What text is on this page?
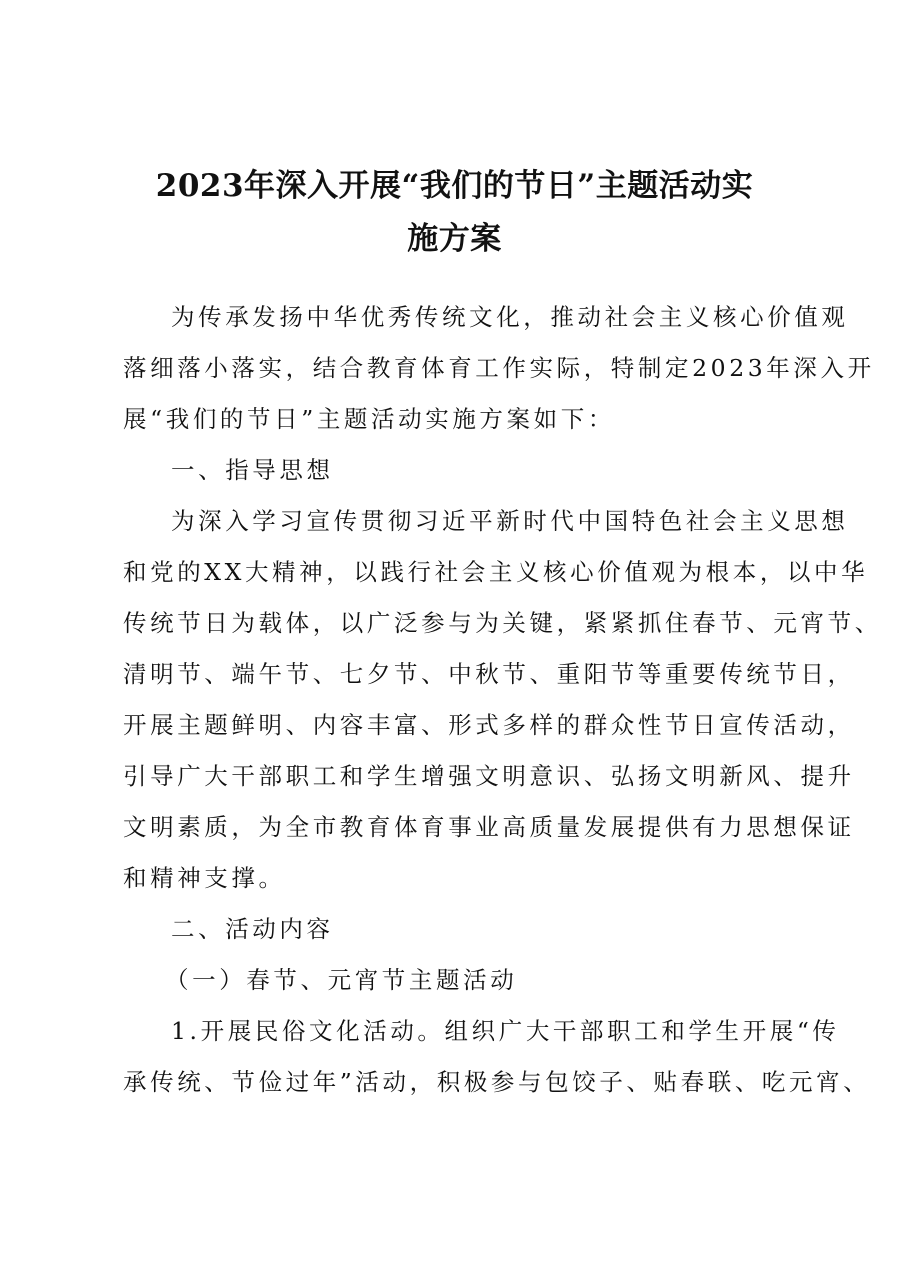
2023年深入开展“我们的节日”主题活动实
施方案
为传承发扬中华优秀传统文化，推动社会主义核心价值观
落细落小落实，结合教育体育工作实际，特制定2023年深入开
展“我们的节日”主题活动实施方案如下：
一、指导思想
为深入学习宣传贯彻习近平新时代中国特色社会主义思想
和党的XX大精神，以践行社会主义核心价值观为根本，以中华
传统节日为载体，以广泛参与为关键，紧紧抓住春节、元宵节、
清明节、端午节、七夕节、中秋节、重阳节等重要传统节日，
开展主题鲜明、内容丰富、形式多样的群众性节日宣传活动，
引导广大干部职工和学生增强文明意识、弘扬文明新风、提升
文明素质，为全市教育体育事业高质量发展提供有力思想保证
和精神支撑。
二、活动内容
（一）春节、元宵节主题活动
1.开展民俗文化活动。组织广大干部职工和学生开展“传
承传统、节俭过年”活动，积极参与包饺子、贴春联、吃元宵、
